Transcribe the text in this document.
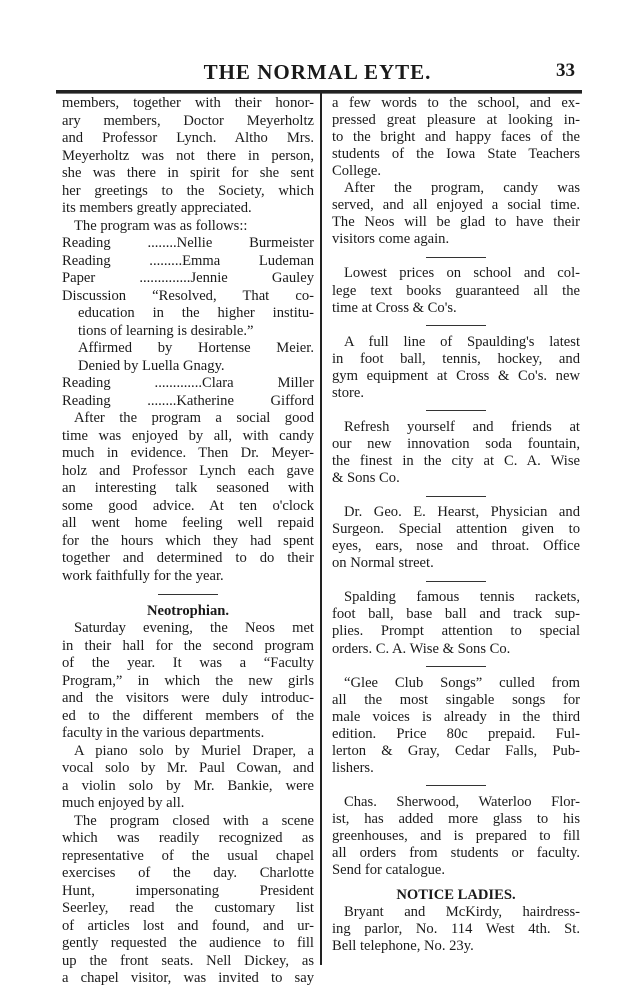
THE NORMAL EYTE.	33
members, together with their honor-
ary members, Doctor Meyerholtz
and Professor Lynch. Altho Mrs.
Meyerholtz was not there in person,
she was there in spirit for she sent
her greetings to the Society, which
its members greatly appreciated.
The program was as follows::
Reading ........Nellie Burmeister
Reading .........Emma Ludeman
Paper ..............Jennie Gauley
Discussion “Resolved, That co-
education in the higher institu-
tions of learning is desirable.”
Affirmed by Hortense Meier.
Denied by Luella Gnagy.
Reading .............Clara Miller
Reading ........Katherine Gifford
After the program a social good
time was enjoyed by all, with candy
much in evidence. Then Dr. Meyer-
holz and Professor Lynch each gave
an interesting talk seasoned with
some good advice. At ten o'clock
all went home feeling well repaid
for the hours which they had spent
together and determined to do their
work faithfully for the year.
Neotrophian.
Saturday evening, the Neos met
in their hall for the second program
of the year. It was a “Faculty
Program,” in which the new girls
and the visitors were duly introduc-
ed to the different members of the
faculty in the various departments.
A piano solo by Muriel Draper, a
vocal solo by Mr. Paul Cowan, and
a violin solo by Mr. Bankie, were
much enjoyed by all.
The program closed with a scene
which was readily recognized as
representative of the usual chapel
exercises of the day. Charlotte
Hunt, impersonating President
Seerley, read the customary list
of articles lost and found, and ur-
gently requested the audience to fill
up the front seats. Nell Dickey, as
a chapel visitor, was invited to say
a few words to the school, and ex-
pressed great pleasure at looking in-
to the bright and happy faces of the
students of the Iowa State Teachers
College.
After the program, candy was
served, and all enjoyed a social time.
The Neos will be glad to have their
visitors come again.
Lowest prices on school and col-
lege text books guaranteed all the
time at Cross & Co's.
A full line of Spaulding's latest
in foot ball, tennis, hockey, and
gym equipment at Cross & Co's. new
store.
Refresh yourself and friends at
our new innovation soda fountain,
the finest in the city at C. A. Wise
& Sons Co.
Dr. Geo. E. Hearst, Physician and
Surgeon. Special attention given to
eyes, ears, nose and throat. Office
on Normal street.
Spalding famous tennis rackets,
foot ball, base ball and track sup-
plies. Prompt attention to special
orders. C. A. Wise & Sons Co.
“Glee Club Songs” culled from
all the most singable songs for
male voices is already in the third
edition. Price 80c prepaid. Ful-
lerton & Gray, Cedar Falls, Pub-
lishers.
Chas. Sherwood, Waterloo Flor-
ist, has added more glass to his
greenhouses, and is prepared to fill
all orders from students or faculty.
Send for catalogue.
NOTICE LADIES.
Bryant and McKirdy, hairdress-
ing parlor, No. 114 West 4th. St.
Bell telephone, No. 23y.
